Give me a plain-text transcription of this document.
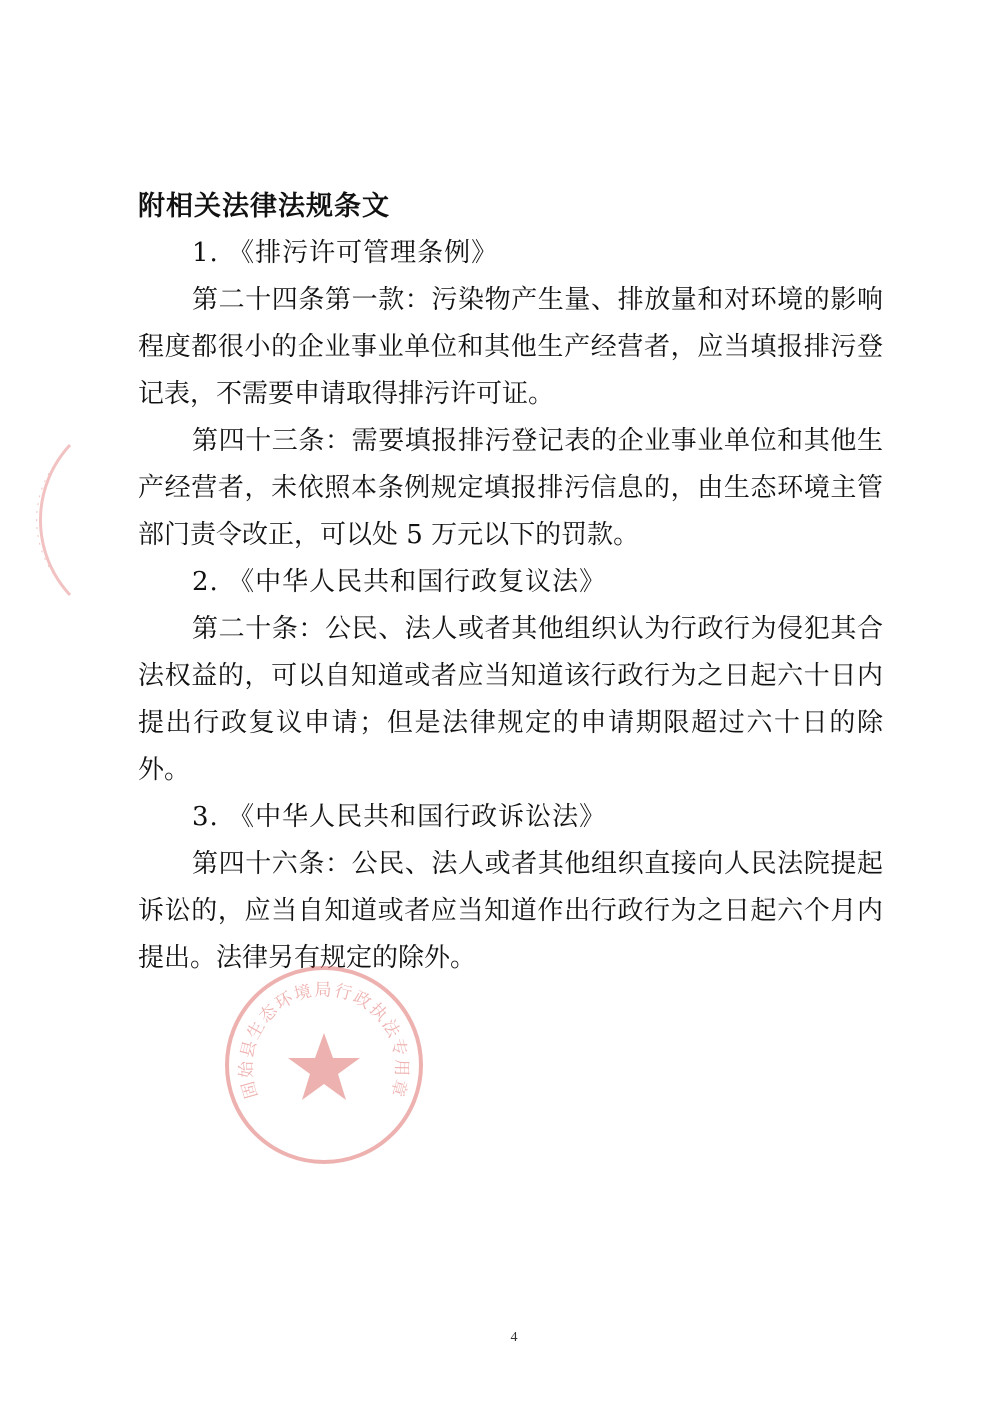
附相关法律法规条文

1. 《排污许可管理条例》

第二十四条第一款：污染物产生量、排放量和对环境的影响

程度都很小的企业事业单位和其他生产经营者，应当填报排污登

记表，不需要申请取得排污许可证。

第四十三条：需要填报排污登记表的企业事业单位和其他生

产经营者，未依照本条例规定填报排污信息的，由生态环境主管

部门责令改正，可以处 5 万元以下的罚款。

2. 《中华人民共和国行政复议法》

第二十条：公民、法人或者其他组织认为行政行为侵犯其合

法权益的，可以自知道或者应当知道该行政行为之日起六十日内

提出行政复议申请；但是法律规定的申请期限超过六十日的除

外。

3. 《中华人民共和国行政诉讼法》

第四十六条：公民、法人或者其他组织直接向人民法院提起

诉讼的，应当自知道或者应当知道作出行政行为之日起六个月内

提出。法律另有规定的除外。

固始县生态环境局行政执法专用章
4
